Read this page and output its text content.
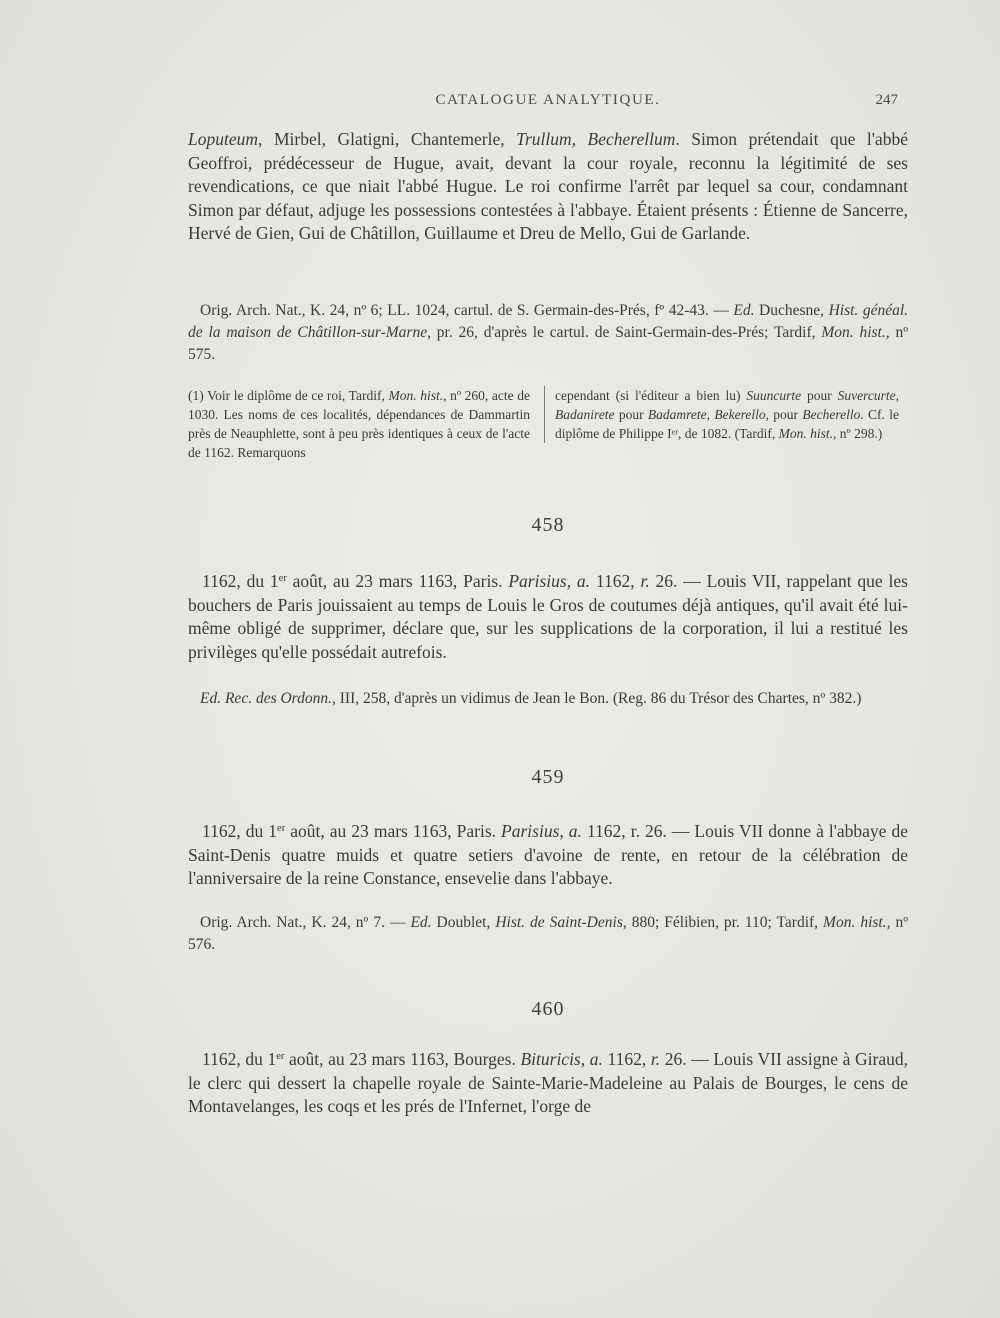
CATALOGUE ANALYTIQUE.	247

Loputeum, Mirbel, Glatigni, Chantemerle, Trullum, Becherellum. Simon prétendait que l'abbé Geoffroi, prédécesseur de Hugue, avait, devant la cour royale, reconnu la légitimité de ses revendications, ce que niait l'abbé Hugue. Le roi confirme l'arrêt par lequel sa cour, condamnant Simon par défaut, adjuge les possessions contestées à l'abbaye. Étaient présents : Étienne de Sancerre, Hervé de Gien, Gui de Châtillon, Guillaume et Dreu de Mello, Gui de Garlande.

Orig. Arch. Nat., K. 24, nº 6; LL. 1024, cartul. de S. Germain-des-Prés, fº 42-43. — Ed. Duchesne, Hist. généal. de la maison de Châtillon-sur-Marne, pr. 26, d'après le cartul. de Saint-Germain-des-Prés; Tardif, Mon. hist., nº 575.

(1) Voir le diplôme de ce roi, Tardif, Mon. hist., nº 260, acte de 1030. Les noms de ces localités, dépendances de Dammartin près de Neauphlette, sont à peu près identiques à ceux de l'acte de 1162. Remarquons
cependant (si l'éditeur a bien lu) Suuncurte pour Suvercurte, Badanirete pour Badamrete, Bekerello, pour Becherello. Cf. le diplôme de Philippe Iᵉʳ, de 1082. (Tardif, Mon. hist., nº 298.)
458

1162, du 1er août, au 23 mars 1163, Paris. Parisius, a. 1162, r. 26. — Louis VII, rappelant que les bouchers de Paris jouissaient au temps de Louis le Gros de coutumes déjà antiques, qu'il avait été lui-même obligé de supprimer, déclare que, sur les supplications de la corporation, il lui a restitué les privilèges qu'elle possédait autrefois.

Ed. Rec. des Ordonn., III, 258, d'après un vidimus de Jean le Bon. (Reg. 86 du Trésor des Chartes, nº 382.)

459

1162, du 1er août, au 23 mars 1163, Paris. Parisius, a. 1162, r. 26. — Louis VII donne à l'abbaye de Saint-Denis quatre muids et quatre setiers d'avoine de rente, en retour de la célébration de l'anniversaire de la reine Constance, ensevelie dans l'abbaye.

Orig. Arch. Nat., K. 24, nº 7. — Ed. Doublet, Hist. de Saint-Denis, 880; Félibien, pr. 110; Tardif, Mon. hist., nº 576.

460

1162, du 1er août, au 23 mars 1163, Bourges. Bituricis, a. 1162, r. 26. — Louis VII assigne à Giraud, le clerc qui dessert la chapelle royale de Sainte-Marie-Madeleine au Palais de Bourges, le cens de Montavelanges, les coqs et les prés de l'Infernet, l'orge de
